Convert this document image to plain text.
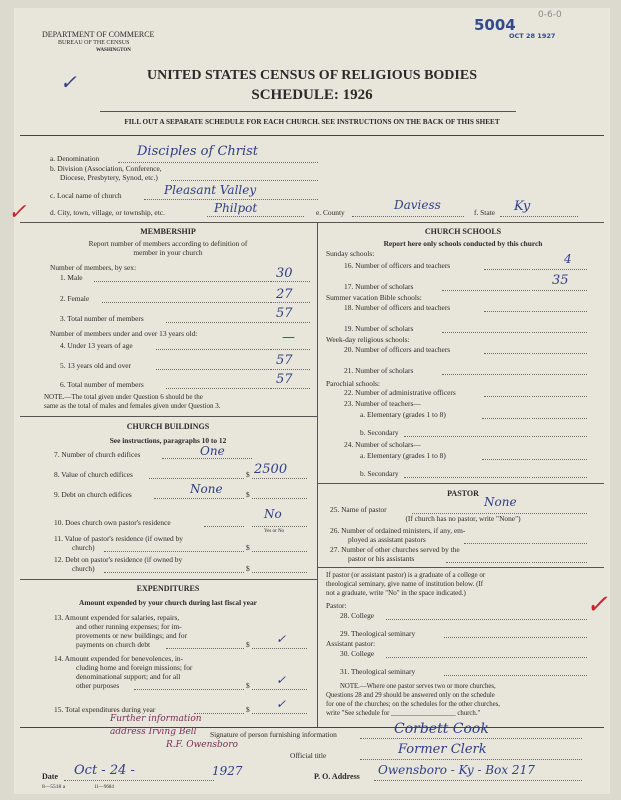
DEPARTMENT OF COMMERCE
BUREAU OF THE CENSUS
WASHINGTON
5004
OCT 28 1927
0-6-0
✓	UNITED STATES CENSUS OF RELIGIOUS BODIES
SCHEDULE: 1926
FILL OUT A SEPARATE SCHEDULE FOR EACH CHURCH. SEE INSTRUCTIONS ON THE BACK OF THIS SHEET
a. Denomination	Disciples of Christ
b. Division (Association, Conference,
Diocese, Presbytery, Synod, etc.)
c. Local name of church	Pleasant Valley
✓	d. City, town, village, or township, etc.	Philpot	e. County
Daviess
f. State Ky
MEMBERSHIP
Report number of members according to definition of
member in your church
Number of members, by sex:
1. Male	30
2. Female	27
3. Total number of members	57
Number of members under and over 13 years old:
4. Under 13 years of age
—
5. 13 years old and over	57
6. Total number of members	57
NOTE.—The total given under Question 6 should be the
same as the total of males and females given under Question 3.
CHURCH BUILDINGS
See instructions, paragraphs 10 to 12
7. Number of church edifices	One
8. Value of church edifices	$ 2500
9. Debt on church edifices	$
None
10. Does church own pastor's residence
No
Yes or No
11. Value of pastor's residence (if owned by
church)	$
12. Debt on pastor's residence (if owned by
church)	$
EXPENDITURES
Amount expended by your church during last fiscal year
13. Amount expended for salaries, repairs,
and other running expenses; for im-
provements or new buildings; and for
payments on church debt	$ ✓
14. Amount expended for benevolences, in-
cluding home and foreign missions; for
denominational support; and for all
other purposes	$ ✓
15. Total expenditures during year	$ ✓
CHURCH SCHOOLS
Report here only schools conducted by this church
Sunday schools:
16. Number of officers and teachers	4
17. Number of scholars	35
Summer vacation Bible schools:
18. Number of officers and teachers
19. Number of scholars
Week-day religious schools:
20. Number of officers and teachers
21. Number of scholars
Parochial schools:
22. Number of administrative officers
23. Number of teachers—
a. Elementary (grades 1 to 8)
b. Secondary
24. Number of scholars—
a. Elementary (grades 1 to 8)
b. Secondary
PASTOR
25. Name of pastor
None
(If church has no pastor, write "None")
26. Number of ordained ministers, if any, em-
ployed as assistant pastors
27. Number of other churches served by the
pastor or his assistants
If pastor (or assistant pastor) is a graduate of a college or
theological seminary, give name of institution below. (If
not a graduate, write "No" in the space indicated.)
Pastor:
28. College	✓
29. Theological seminary
Assistant pastor:
30. College
31. Theological seminary
NOTE.—Where one pastor serves two or more churches,
Questions 28 and 29 should be answered only on the schedule
for one of the churches; on the schedules for the other churches,
write "See schedule for ___________________ church."
Further information
address Irving Bell
R.F. Owensboro
Signature of person furnishing information	Corbett Cook
Official title	Former Clerk
Date Oct - 24 -	1927	P. O. Address Owensboro - Ky - Box 217
8—5518 a	11—9684
